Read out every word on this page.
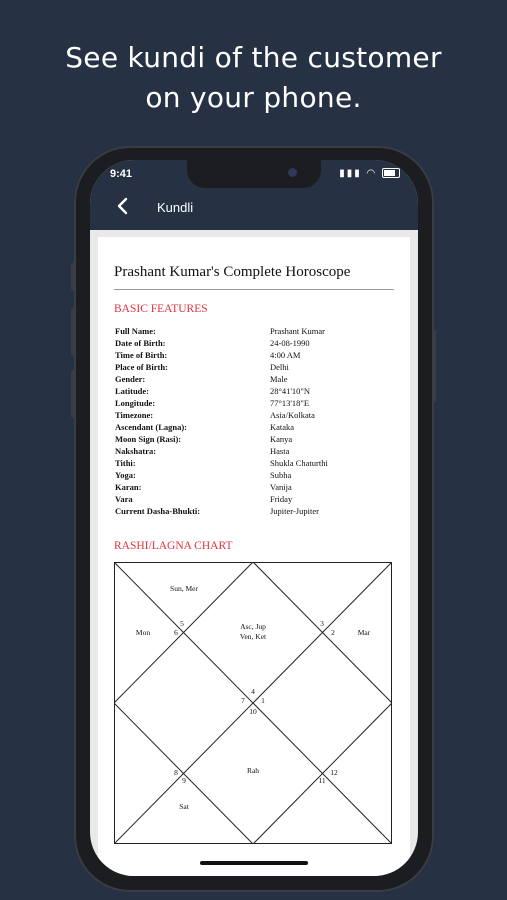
See kundi of the customer
on your phone.
9:41	▮▮▮ ◠
Kundli
Prashant Kumar's Complete Horoscope
BASIC FEATURES
Full Name:	Prashant Kumar
Date of Birth:	24-08-1990
Time of Birth:	4:00 AM
Place of Birth:	Delhi
Gender:	Male
Latitude:	28°41'10"N
Longitude:	77°13'18"E
Timezone:	Asia/Kolkata
Ascendant (Lagna):	Kataka
Moon Sign (Rasi):	Kanya
Nakshatra:	Hasta
Tithi:	Shukla Chaturthi
Yoga:	Subha
Karan:	Vanija
Vara	Friday
Current Dasha-Bhukti:	Jupiter-Jupiter
RASHI/LAGNA CHART
Sun, Mer
Mon
Asc, Jup
Ven, Ket	Mar
Rah
Sat
5
6
3
2
4
7
10
1
8
9
12
11
